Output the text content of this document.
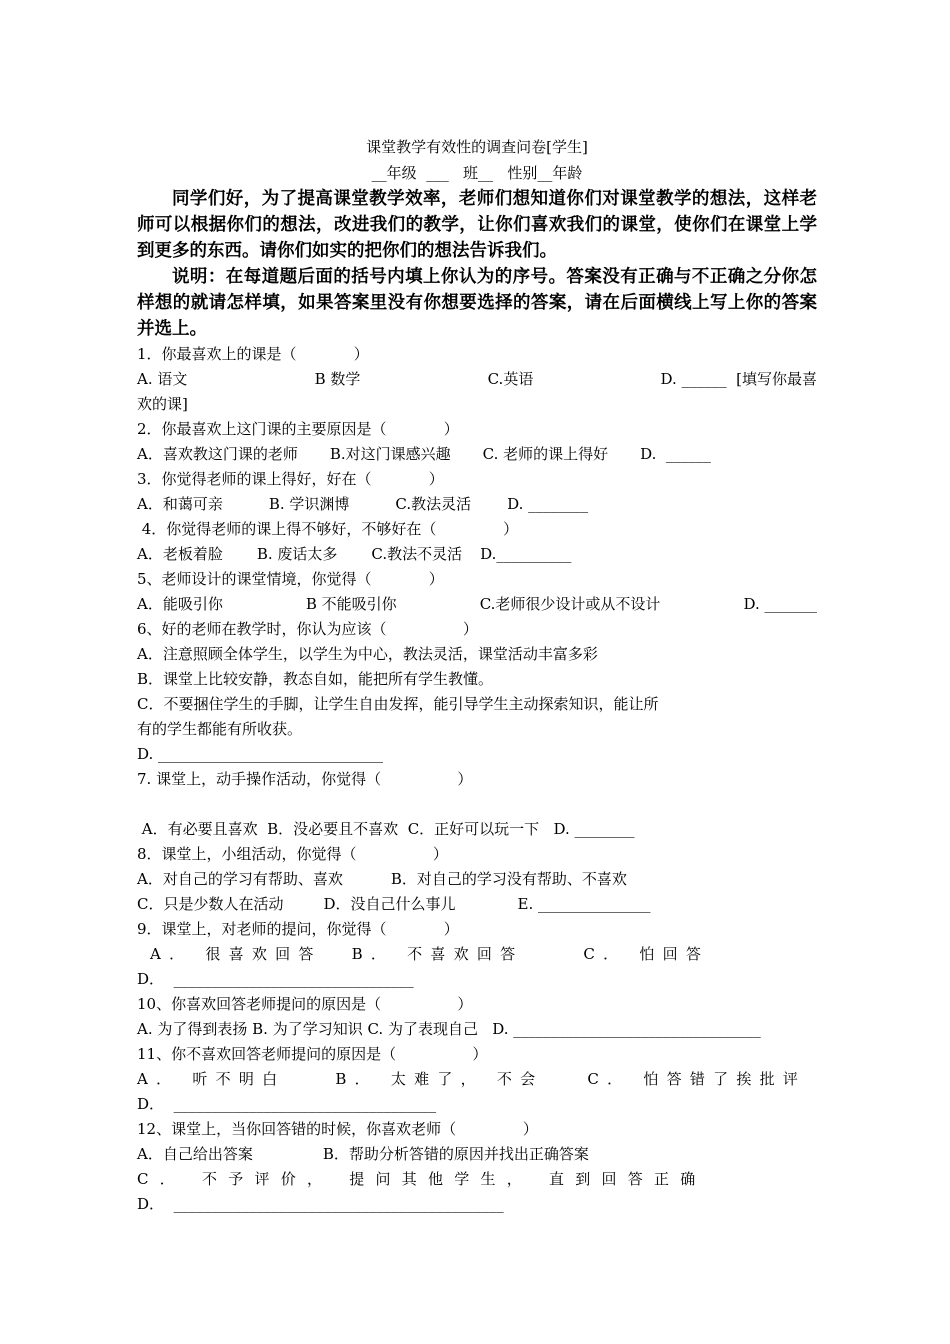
课堂教学有效性的调查问卷[学生]
__年级  ___   班__   性别__年龄

同学们好，为了提高课堂教学效率，老师们想知道你们对课堂教学的想法，这样老师可以根据你们的想法，改进我们的教学，让你们喜欢我们的课堂，使你们在课堂上学到更多的东西。请你们如实的把你们的想法告诉我们。

说明：在每道题后面的括号内填上你认为的序号。答案没有正确与不正确之分你怎样想的就请怎样填，如果答案里没有你想要选择的答案，请在后面横线上写上你的答案并选上。

1．你最喜欢上的课是（            ）
A. 语文	B 数学	C.英语	D. ______  [填写你最喜
欢的课]
2．你最喜欢上这门课的主要原因是（            ）
A．喜欢教这门课的老师 B.对这门课感兴趣 C. 老师的课上得好 D.  ______
3．你觉得老师的课上得好，好在（            ）
A．和蔼可亲	B. 学识渊博	C.教法灵活 D. ________
4．你觉得老师的课上得不够好，不够好在（              ）
A．老板着脸 B. 废话太多 C.教法不灵活 D.__________
5、老师设计的课堂情境，你觉得（            ）
A．能吸引你	B 不能吸引你	C.老师很少设计或从不设计	D. _______
6、好的老师在教学时，你认为应该（                ）
A．注意照顾全体学生，以学生为中心，教法灵活，课堂活动丰富多彩
B．课堂上比较安静，教态自如，能把所有学生教懂。
C．不要捆住学生的手脚，让学生自由发挥，能引导学生主动探索知识，能让所
有的学生都能有所收获。
D. ______________________________
7. 课堂上，动手操作活动，你觉得（                ）
A．有必要且喜欢  B．没必要且不喜欢  C．正好可以玩一下   D. ________
8．课堂上，小组活动，你觉得（                ）
A．对自己的学习有帮助、喜欢	B．对自己的学习没有帮助、不喜欢
C．只是少数人在活动	D．没自己什么事儿	E. _______________
9．课堂上，对老师的提问，你觉得（            ）
A． 很喜欢回答 B． 不喜欢回答	C． 怕回答
D．  ________________________________
10、你喜欢回答老师提问的原因是（                ）
A. 为了得到表扬 B. 为了学习知识 C. 为了表现自己   D. _________________________________
11、你不喜欢回答老师提问的原因是（                ）
A． 听不明白	B． 太难了， 不会	C． 怕答错了挨批评
D．  ___________________________________
12、课堂上，当你回答错的时候，你喜欢老师（              ）
A．自己给出答案	B．帮助分析答错的原因并找出正确答案
C． 不予评价， 提问其他学生， 直到回答正确
D．  ____________________________________________
